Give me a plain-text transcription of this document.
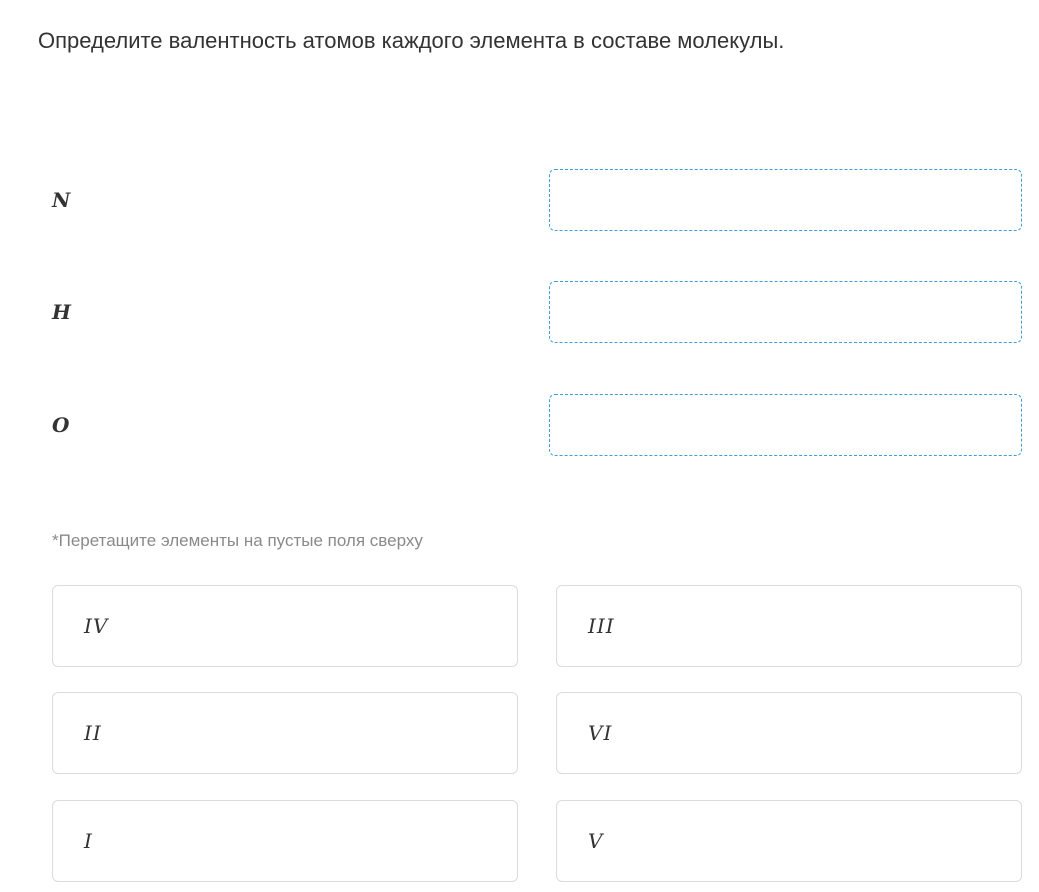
Определите валентность атомов каждого элемента в составе молекулы.
N
H
O
*Перетащите элементы на пустые поля сверху
IV	III
II	VI
I	V
